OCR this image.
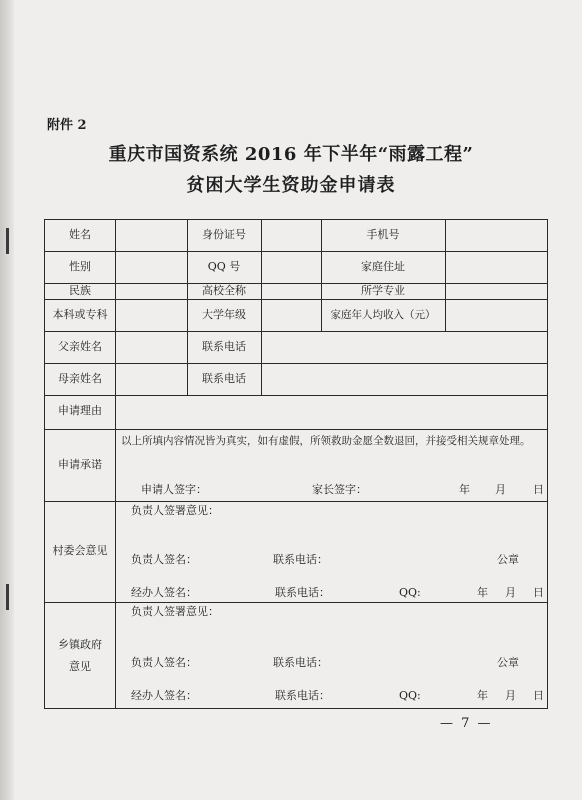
附件 2
重庆市国资系统 2016 年下半年“雨露工程”
贫困大学生资助金申请表
姓名	身份证号	手机号
性别	QQ 号	家庭住址
民族	高校全称	所学专业
本科或专科	大学年级	家庭年人均收入（元）
父亲姓名	联系电话
母亲姓名	联系电话
申请理由
申请承诺
以上所填内容情况皆为真实，如有虚假，所领救助金愿全数退回，并接受相关规章处理。
申请人签字：	家长签字：	年 月 日
村委会意见
负责人签署意见：
负责人签名：	联系电话：	公章
经办人签名：	联系电话：	QQ:	年 月 日
乡镇政府
意见
负责人签署意见：
负责人签名：	联系电话：	公章
经办人签名：	联系电话：	QQ:	年 月 日
— 7 —
